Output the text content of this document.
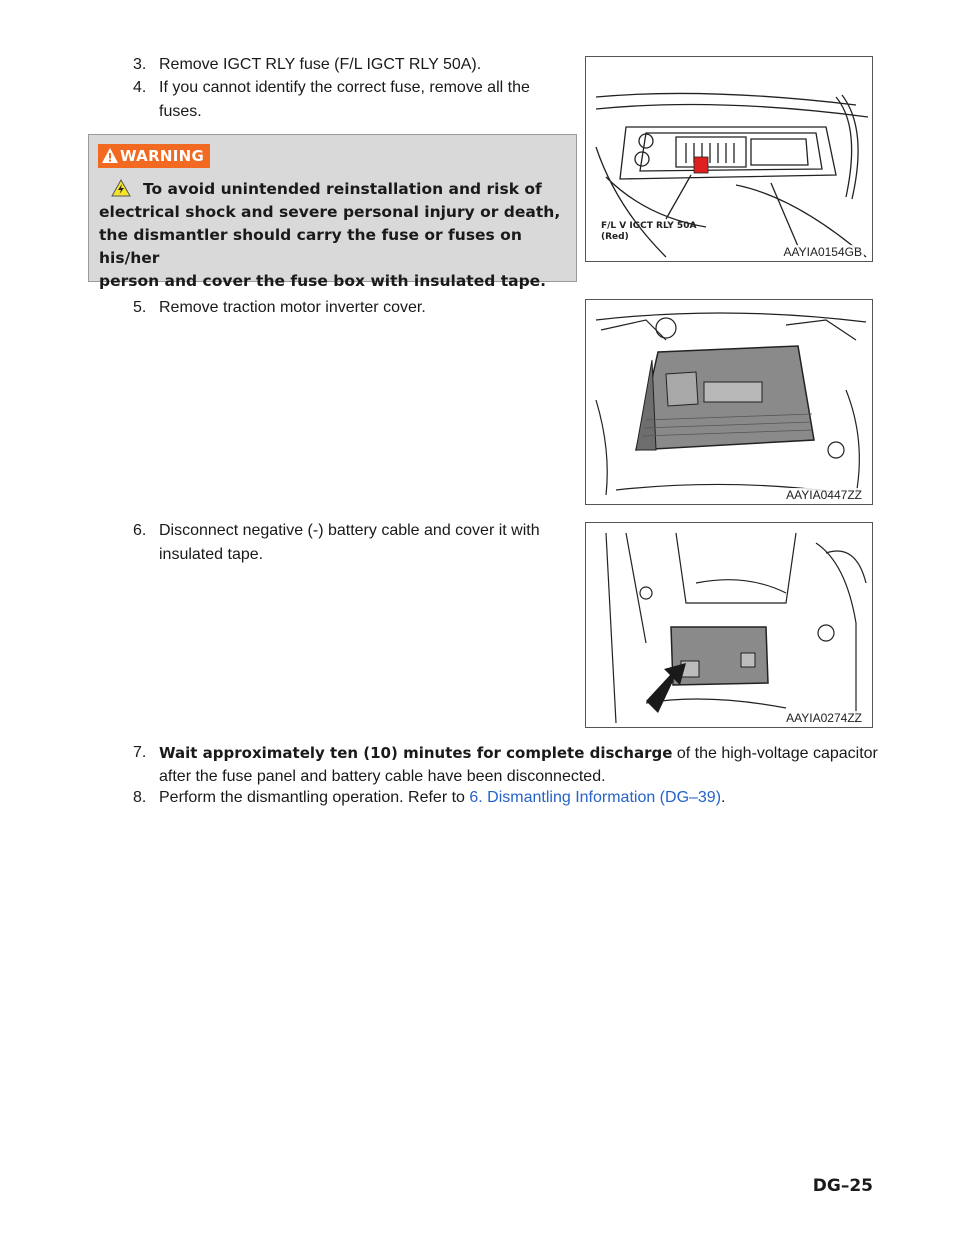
3. Remove IGCT RLY fuse (F/L IGCT RLY 50A).
4. If you cannot identify the correct fuse, remove all the
fuses.
WARNING
To avoid unintended reinstallation and risk of
electrical shock and severe personal injury or death,
the dismantler should carry the fuse or fuses on his/her
person and cover the fuse box with insulated tape.
F/L V IGCT RLY 50A
(Red)
AAYIA0154GB
5. Remove traction motor inverter cover.
AAYIA0447ZZ
6. Disconnect negative (-) battery cable and cover it with
insulated tape.
AAYIA0274ZZ
7. Wait approximately ten (10) minutes for complete discharge of the high-voltage capacitor
after the fuse panel and battery cable have been disconnected.
8. Perform the dismantling operation. Refer to 6. Dismantling Information (DG–39).
DG–25
